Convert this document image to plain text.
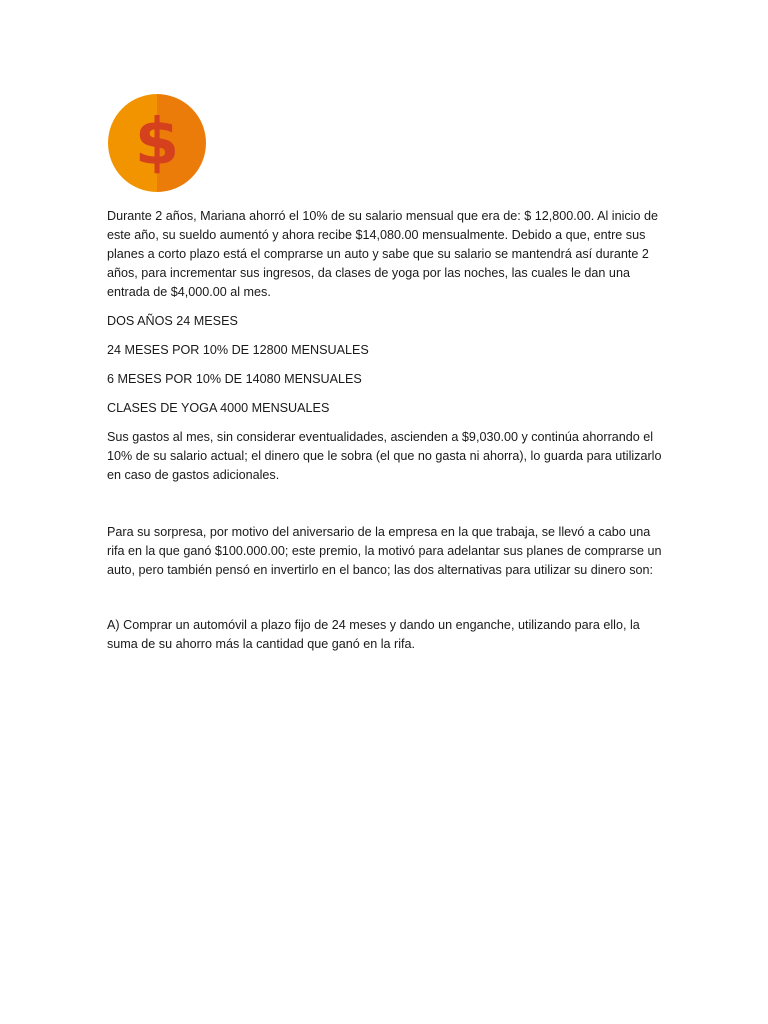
$

Durante 2 años, Mariana ahorró el 10% de su salario mensual que era de: $ 12,800.00. Al inicio de este año, su sueldo aumentó y ahora recibe $14,080.00 mensualmente. Debido a que, entre sus planes a corto plazo está el comprarse un auto y sabe que su salario se mantendrá así durante 2 años, para incrementar sus ingresos, da clases de yoga por las noches, las cuales le dan una entrada de $4,000.00 al mes.

DOS AÑOS 24 MESES

24 MESES POR 10% DE 12800 MENSUALES

6 MESES POR 10% DE 14080 MENSUALES

CLASES DE YOGA 4000 MENSUALES

Sus gastos al mes, sin considerar eventualidades, ascienden a $9,030.00 y continúa ahorrando el 10% de su salario actual; el dinero que le sobra (el que no gasta ni ahorra), lo guarda para utilizarlo en caso de gastos adicionales.

Para su sorpresa, por motivo del aniversario de la empresa en la que trabaja, se llevó a cabo una rifa en la que ganó $100.000.00; este premio, la motivó para adelantar sus planes de comprarse un auto, pero también pensó en invertirlo en el banco; las dos alternativas para utilizar su dinero son:

A) Comprar un automóvil a plazo fijo de 24 meses y dando un enganche, utilizando para ello, la suma de su ahorro más la cantidad que ganó en la rifa.
